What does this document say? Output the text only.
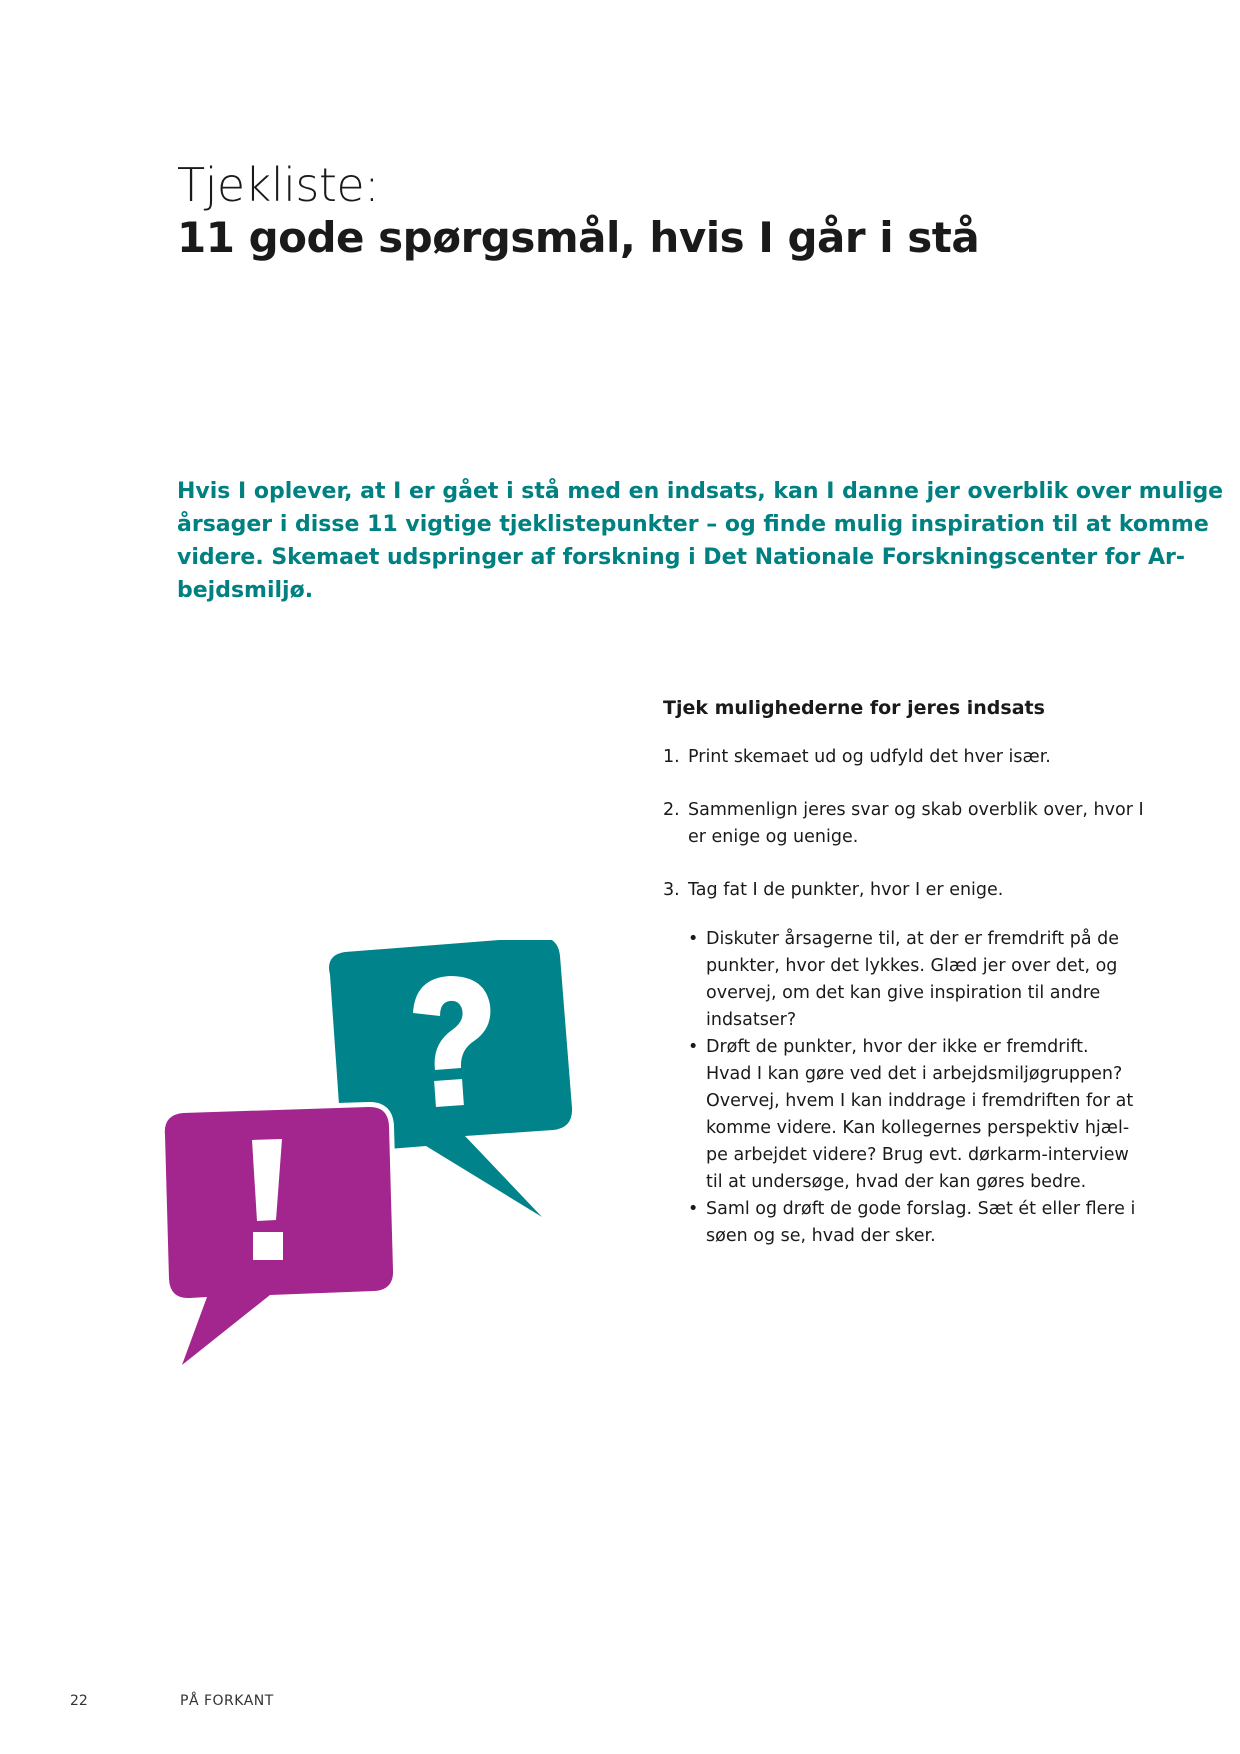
Tjekliste:
11 gode spørgsmål, hvis I går i stå
Hvis I oplever, at I er gået i stå med en indsats, kan I danne jer overblik over mulige
årsager i disse 11 vigtige tjeklistepunkter – og finde mulig inspiration til at komme
videre. Skemaet udspringer af forskning i Det Nationale Forskningscenter for Ar-
bejdsmiljø.
Tjek mulighederne for jeres indsats
1. Print skemaet ud og udfyld det hver især.
2. Sammenlign jeres svar og skab overblik over, hvor I
er enige og uenige.
3. Tag fat I de punkter, hvor I er enige.
• Diskuter årsagerne til, at der er fremdrift på de
punkter, hvor det lykkes. Glæd jer over det, og
overvej, om det kan give inspiration til andre
indsatser?
• Drøft de punkter, hvor der ikke er fremdrift.
Hvad I kan gøre ved det i arbejdsmiljøgruppen?
Overvej, hvem I kan inddrage i fremdriften for at
komme videre. Kan kollegernes perspektiv hjæl-
pe arbejdet videre? Brug evt. dørkarm-interview
til at undersøge, hvad der kan gøres bedre.
• Saml og drøft de gode forslag. Sæt ét eller flere i
søen og se, hvad der sker.
22	PÅ FORKANT
